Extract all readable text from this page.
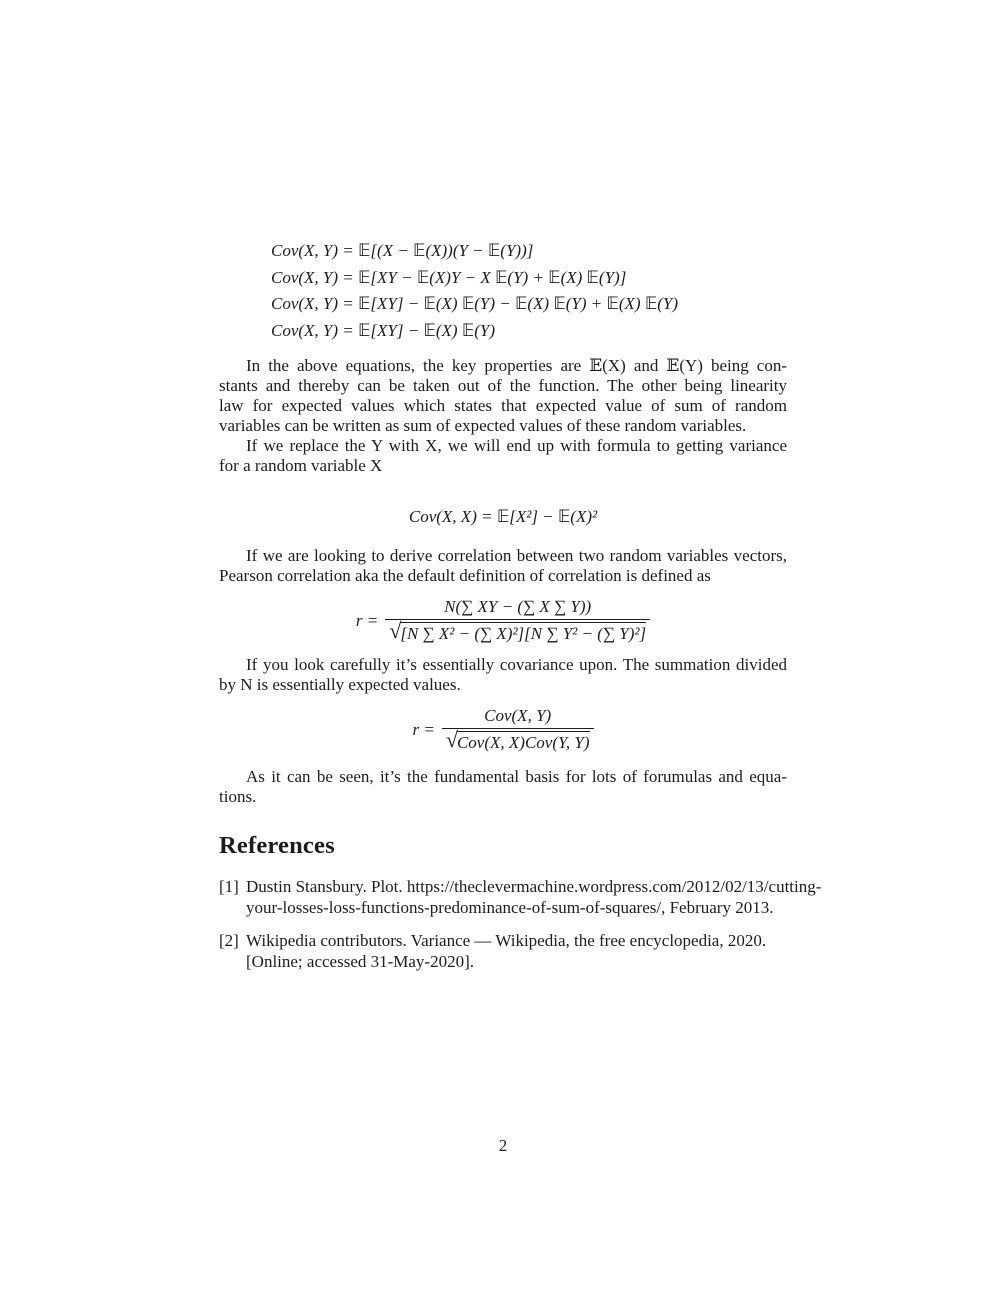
Cov(X, Y) = 𝔼[(X − 𝔼(X))(Y − 𝔼(Y))]
Cov(X, Y) = 𝔼[XY − 𝔼(X)Y − X 𝔼(Y) + 𝔼(X) 𝔼(Y)]
Cov(X, Y) = 𝔼[XY] − 𝔼(X) 𝔼(Y) − 𝔼(X) 𝔼(Y) + 𝔼(X) 𝔼(Y)
Cov(X, Y) = 𝔼[XY] − 𝔼(X) 𝔼(Y)
In the above equations, the key properties are 𝔼(X) and 𝔼(Y) being con-
stants and thereby can be taken out of the function. The other being linearity
law for expected values which states that expected value of sum of random
variables can be written as sum of expected values of these random variables.
If we replace the Y with X, we will end up with formula to getting variance
for a random variable X
Cov(X, X) = 𝔼[X²] − 𝔼(X)²
If we are looking to derive correlation between two random variables vectors,
Pearson correlation aka the default definition of correlation is defined as
$r = \frac{N(\sum XY - (\sum X \sum Y))}{\text{√ [N ∑ X² − (∑ X)²][N ∑ Y² − (∑ Y)²]}}$
If you look carefully it’s essentially covariance upon. The summation divided
by N is essentially expected values.
$r = \frac{\text{Cov(X, Y)}}{\text{√ Cov(X, X)Cov(Y, Y)}}$
As it can be seen, it’s the fundamental basis for lots of forumulas and equa-
tions.
References
[1] Dustin Stansbury. Plot. https://theclevermachine.wordpress.com/2012/02/13/cutting-
your-losses-loss-functions-predominance-of-sum-of-squares/, February 2013.
[2] Wikipedia contributors. Variance — Wikipedia, the free encyclopedia, 2020.
[Online; accessed 31-May-2020].
2
